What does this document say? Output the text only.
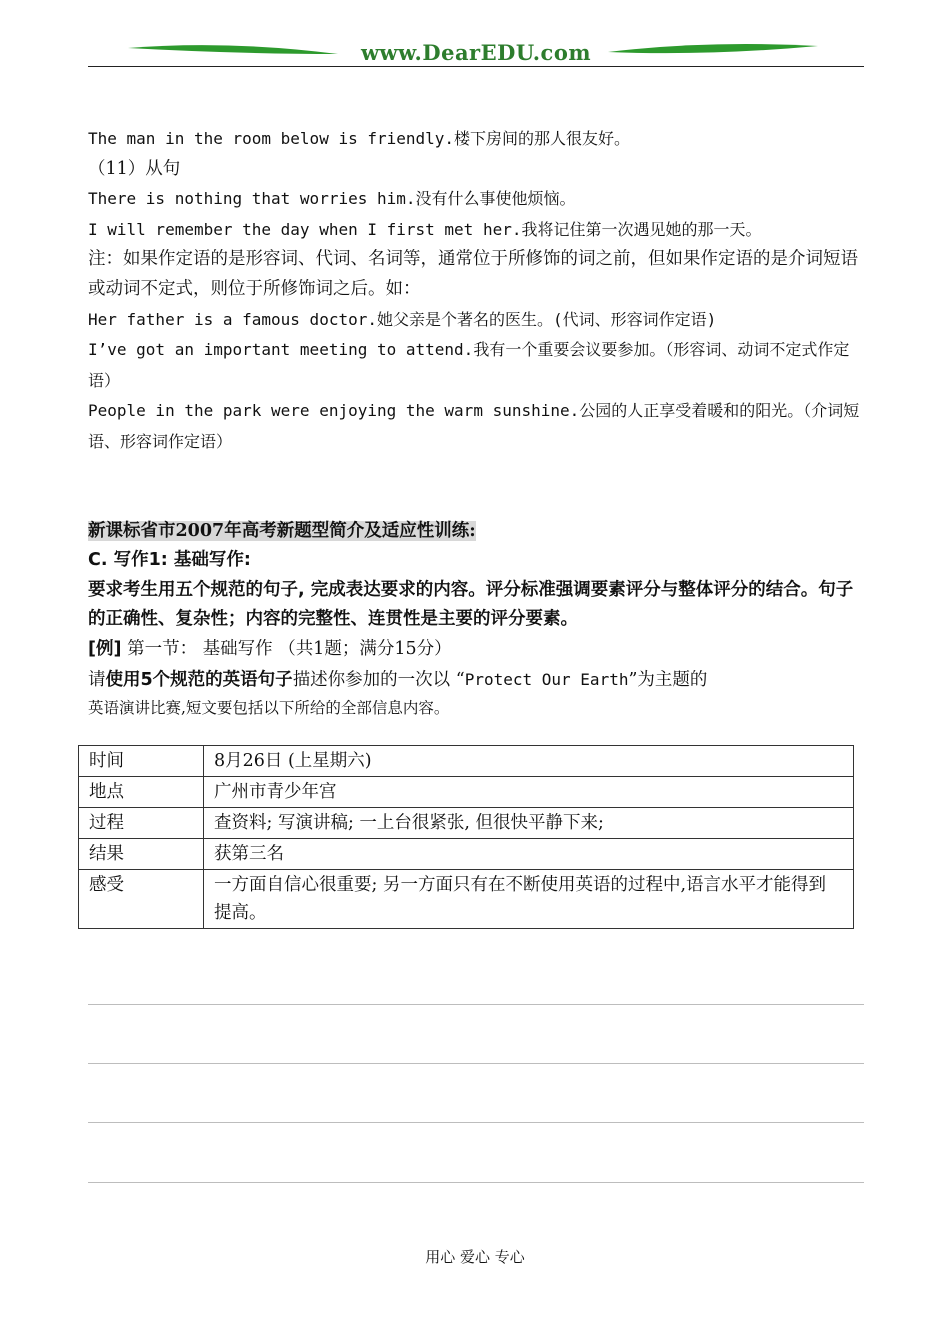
www.DearEDU.com
The man in the room below is friendly.楼下房间的那人很友好。
（11）从句
There is nothing that worries him.没有什么事使他烦恼。
I will remember the day when I first met her.我将记住第一次遇见她的那一天。
注：如果作定语的是形容词、代词、名词等，通常位于所修饰的词之前，但如果作定语的是介词短语或动词不定式，则位于所修饰词之后。如：
Her father is a famous doctor.她父亲是个著名的医生。(代词、形容词作定语)
I’ve got an important meeting to attend.我有一个重要会议要参加。（形容词、动词不定式作定语）
People in the park were enjoying the warm sunshine.公园的人正享受着暖和的阳光。（介词短语、形容词作定语）
新课标省市2007年高考新题型简介及适应性训练:
C. 写作1: 基础写作:
要求考生用五个规范的句子, 完成表达要求的内容。评分标准强调要素评分与整体评分的结合。句子的正确性、复杂性；内容的完整性、连贯性是主要的评分要素。
[例] 第一节： 基础写作 （共1题；满分15分）
请使用5个规范的英语句子描述你参加的一次以 “Protect Our Earth”为主题的
英语演讲比赛,短文要包括以下所给的全部信息内容。
时间	8月26日 (上星期六)
地点	广州市青少年宫
过程	查资料; 写演讲稿; 一上台很紧张, 但很快平静下来;
结果	获第三名
感受	一方面自信心很重要; 另一方面只有在不断使用英语的过程中,语言水平才能得到提高。
用心 爱心 专心
